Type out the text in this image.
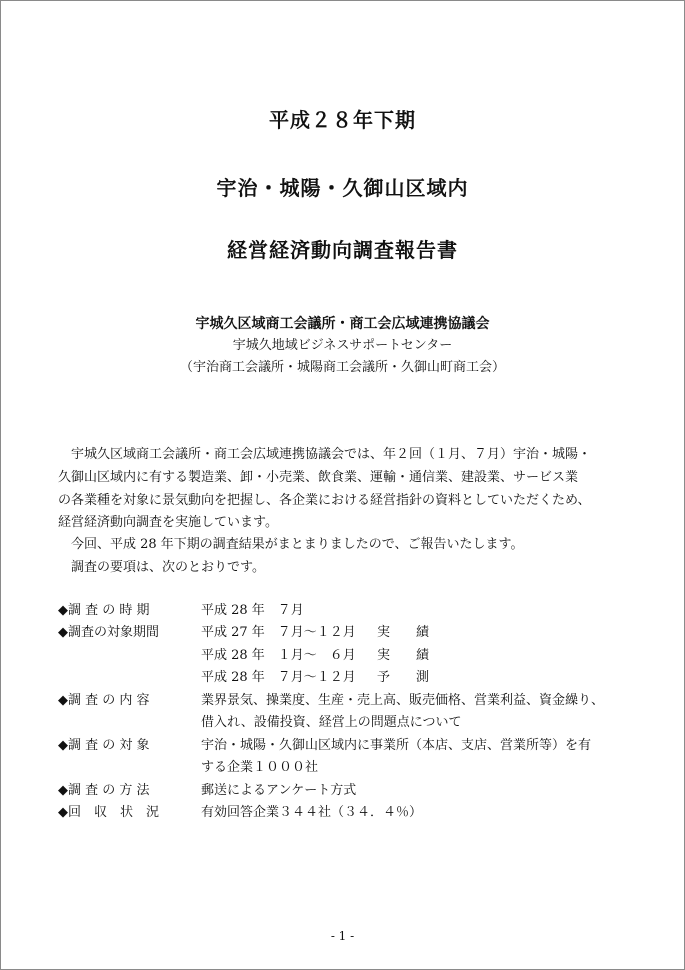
平成２８年下期
宇治・城陽・久御山区域内
経営経済動向調査報告書
宇城久区域商工会議所・商工会広域連携協議会
宇城久地域ビジネスサポートセンター
（宇治商工会議所・城陽商工会議所・久御山町商工会）
宇城久区域商工会議所・商工会広域連携協議会では、年２回（１月、７月）宇治・城陽・
久御山区域内に有する製造業、卸・小売業、飲食業、運輸・通信業、建設業、サービス業
の各業種を対象に景気動向を把握し、各企業における経営指針の資料としていただくため、
経営経済動向調査を実施しています。
今回、平成 28 年下期の調査結果がまとまりましたので、ご報告いたします。
調査の要項は、次のとおりです。
◆調 査 の 時 期	平成 28 年　７月
◆調査の対象期間	平成 27 年　７月～１２月 実　　績
平成 28 年　１月～　６月 実　　績
平成 28 年　７月～１２月 予　　測
◆調 査 の 内 容	業界景気、操業度、生産・売上高、販売価格、営業利益、資金繰り、
借入れ、設備投資、経営上の問題点について
◆調 査 の 対 象	宇治・城陽・久御山区域内に事業所（本店、支店、営業所等）を有
する企業１０００社
◆調 査 の 方 法	郵送によるアンケート方式
◆回　収　状　況	有効回答企業３４４社（３４．４％）
- 1 -
